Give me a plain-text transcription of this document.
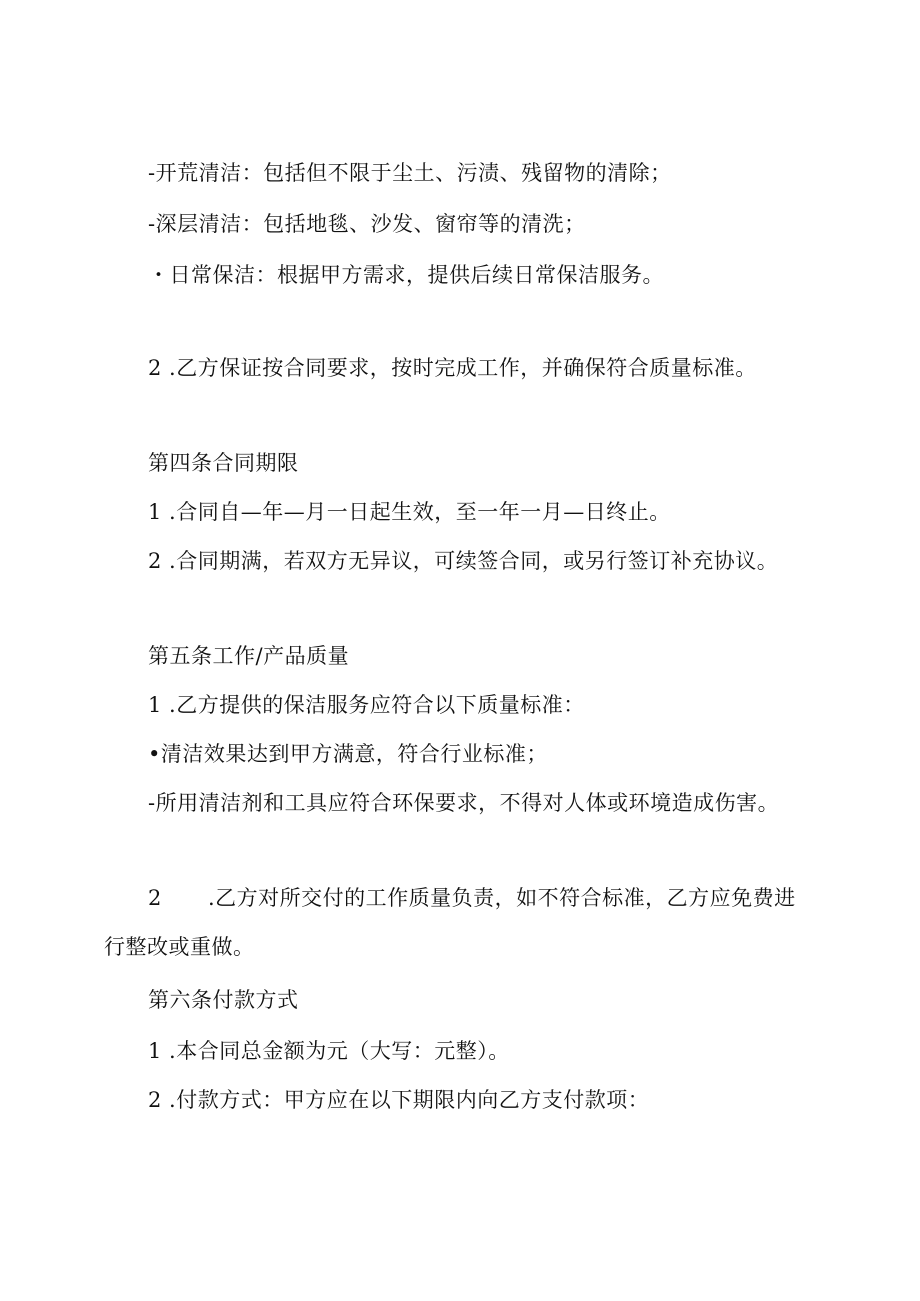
-开荒清洁：包括但不限于尘土、污渍、残留物的清除；
-深层清洁：包括地毯、沙发、窗帘等的清洗；
・日常保洁：根据甲方需求，提供后续日常保洁服务。
2 .乙方保证按合同要求，按时完成工作，并确保符合质量标准。
第四条合同期限
1 .合同自—年—月一日起生效，至一年一月—日终止。
2 .合同期满，若双方无异议，可续签合同，或另行签订补充协议。
第五条工作/产品质量
1 .乙方提供的保洁服务应符合以下质量标准：
•清洁效果达到甲方满意，符合行业标准；
-所用清洁剂和工具应符合环保要求，不得对人体或环境造成伤害。
2 .乙方对所交付的工作质量负责，如不符合标准，乙方应免费进
行整改或重做。
第六条付款方式
1 .本合同总金额为元（大写：元整）。
2 .付款方式：甲方应在以下期限内向乙方支付款项：
